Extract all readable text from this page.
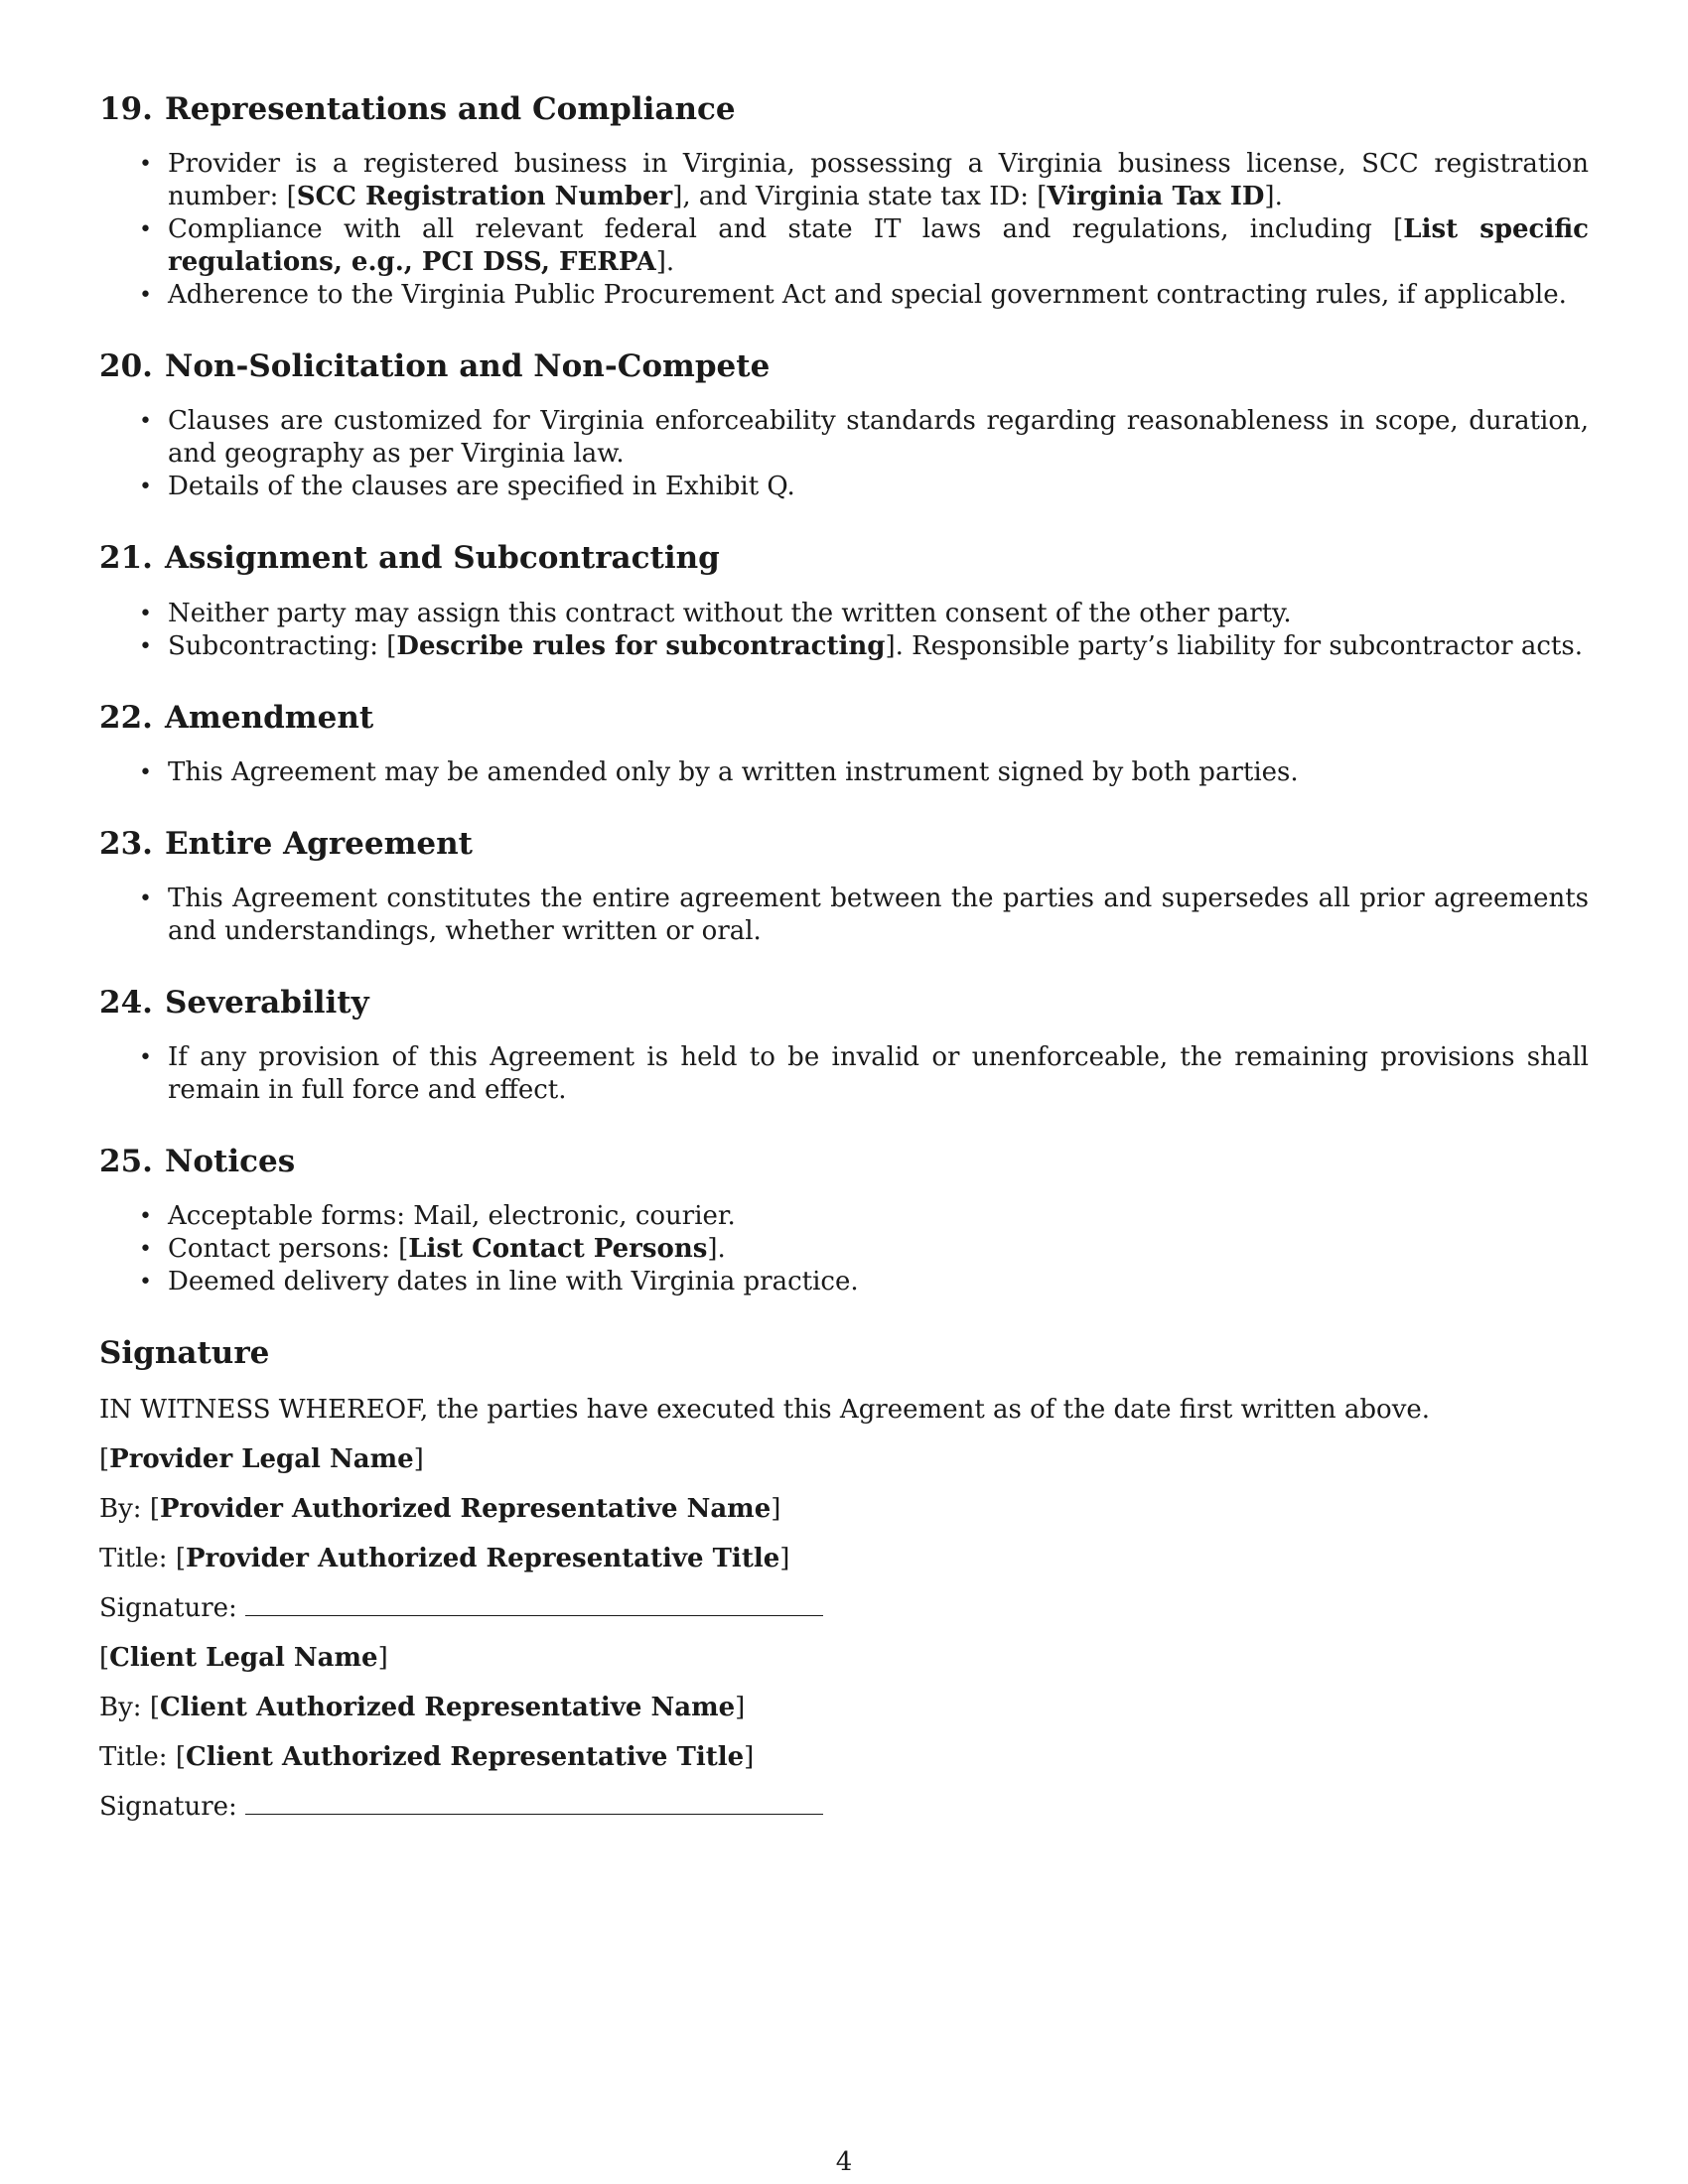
19. Representations and Compliance
• Provider is a registered business in Virginia, possessing a Virginia business license, SCC registration number: [SCC Registration Number], and Virginia state tax ID: [Virginia Tax ID].
• Compliance with all relevant federal and state IT laws and regulations, including [List specific regulations, e.g., PCI DSS, FERPA].
• Adherence to the Virginia Public Procurement Act and special government contracting rules, if applicable.
20. Non-Solicitation and Non-Compete
• Clauses are customized for Virginia enforceability standards regarding reasonableness in scope, duration, and geography as per Virginia law.
• Details of the clauses are specified in Exhibit Q.
21. Assignment and Subcontracting
• Neither party may assign this contract without the written consent of the other party.
• Subcontracting: [Describe rules for subcontracting]. Responsible party’s liability for subcontractor acts.
22. Amendment
• This Agreement may be amended only by a written instrument signed by both parties.
23. Entire Agreement
• This Agreement constitutes the entire agreement between the parties and supersedes all prior agreements and understandings, whether written or oral.
24. Severability
• If any provision of this Agreement is held to be invalid or unenforceable, the remaining provisions shall remain in full force and effect.
25. Notices
• Acceptable forms: Mail, electronic, courier.
• Contact persons: [List Contact Persons].
• Deemed delivery dates in line with Virginia practice.
Signature
IN WITNESS WHEREOF, the parties have executed this Agreement as of the date first written above.
[Provider Legal Name]
By: [Provider Authorized Representative Name]
Title: [Provider Authorized Representative Title]
Signature:
[Client Legal Name]
By: [Client Authorized Representative Name]
Title: [Client Authorized Representative Title]
Signature:
4
